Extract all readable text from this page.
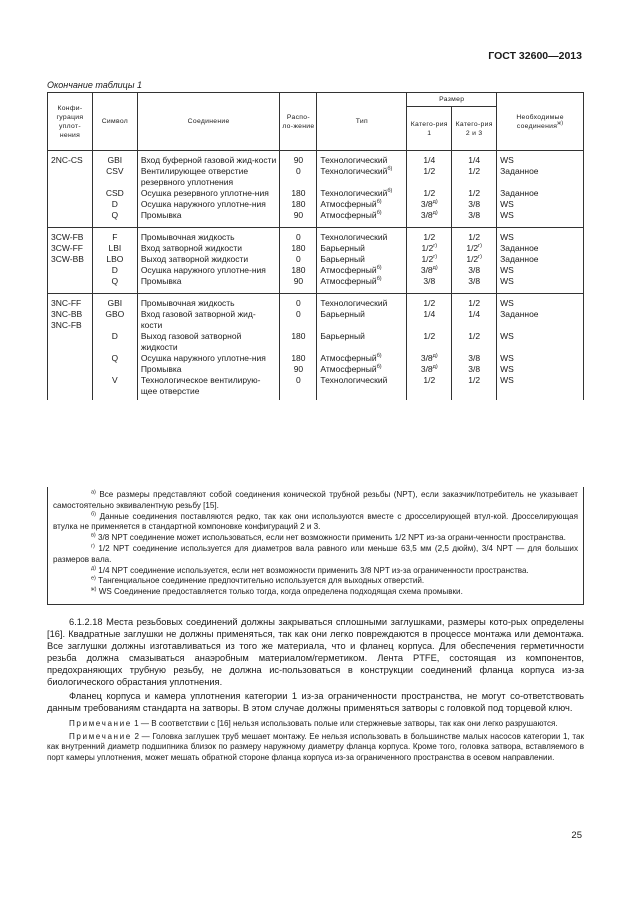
ГОСТ 32600—2013
Окончание таблицы 1
Конфи-гурация уплот-нения	Символ	Соединение	Распо-ло-жение	Тип	Размер		Необходимые соединения$^{ж)}$
					Катего-рия 1	Катего-рия 2 и 3	
2NC-CS	GBI	Вход буферной газовой жид-кости	90	Технологический	1/4	1/4	WS
	CSV	Вентилирующее отверстие резервного уплотнения	0	Технологический$^{б)}$	1/2	1/2	Заданное
	CSD	Осушка резервного уплотне-ния	180	Технологический$^{б)}$	1/2	1/2	Заданное
	D	Осушка наружного уплотне-ния	180	Атмосферный$^{б)}$	$3/8^{д)}$	3/8	WS
	Q	Промывка	90	Атмосферный$^{б)}$	$3/8^{д)}$	3/8	WS
3CW-FB 3CW-FF 3CW-BB	F	Промывочная жидкость	0	Технологический	1/2	1/2	WS
	LBI	Вход затворной жидкости	180	Барьерный	$1/2^{г)}$	$1/2^{г)}$	Заданное
	LBO	Выход затворной жидкости	0	Барьерный	$1/2^{г)}$	$1/2^{г)}$	Заданное
	D	Осушка наружного уплотне-ния	180	Атмосферный$^{б)}$	$3/8^{д)}$	3/8	WS
	Q	Промывка	90	Атмосферный$^{б)}$	3/8	3/8	WS
3NC-FF 3NC-BB 3NC-FB	GBI	Промывочная жидкость	0	Технологический	1/2	1/2	WS
	GBO	Вход газовой затворной жид-кости	0	Барьерный	1/4	1/4	Заданное
	D	Выход газовой затворной жидкости	180	Барьерный	1/2	1/2	WS
	Q	Осушка наружного уплотне-ния	180	Атмосферный$^{б)}$	$3/8^{д)}$	3/8	WS
		Промывка	90	Атмосферный$^{б)}$	$3/8^{д)}$	3/8	WS
	V	Технологическое вентилирую-щее отверстие	0	Технологический	1/2	1/2	WS

$^{а)}$ Все размеры представляют собой соединения конической трубной резьбы (NPT), если заказчик/потребитель не указывает самостоятельно эквивалентную резьбу [15].

$^{б)}$ Данные соединения поставляются редко, так как они используются вместе с дросселирующей втул-кой. Дросселирующая втулка не применяется в стандартной компоновке конфигураций 2 и 3.

$^{в)}$ 3/8 NPT соединение может использоваться, если нет возможности применить 1/2 NPT из-за ограни-ченности пространства.

$^{г)}$ 1/2 NPT соединение используется для диаметров вала равного или меньше 63,5 мм (2,5 дюйм), 3/4 NPT — для больших размеров вала.

$^{д)}$ 1/4 NPT соединение используется, если нет возможности применить 3/8 NPT из-за ограниченности пространства.

$^{е)}$ Тангенциальное соединение предпочтительно используется для выходных отверстий.

$^{ж)}$ WS Соединение предоставляется только тогда, когда определена подходящая схема промывки.

6.1.2.18 Места резьбовых соединений должны закрываться сплошными заглушками, размеры кото-рых определены [16]. Квадратные заглушки не должны применяться, так как они легко повреждаются в процессе монтажа или демонтажа. Все заглушки должны изготавливаться из того же материала, что и фланец корпуса. Для обеспечения герметичности резьба должна смазываться анаэробным материалом/герметиком. Лента PTFE, состоящая из компонентов, предохраняющих трубную резьбу, не должна ис-пользоваться в конструкции соединений фланца корпуса из-за биологического обрастания уплотнения.

Фланец корпуса и камера уплотнения категории 1 из-за ограниченности пространства, не могут со-ответствовать данным требованиям стандарта на затворы. В этом случае должны применяться затворы с головкой под торцевой ключ.

Примечание 1 — В соответствии с [16] нельзя использовать полые или стержневые затворы, так как они легко разрушаются.

Примечание 2 — Головка заглушек труб мешает монтажу. Ее нельзя использовать в большинстве малых насосов категории 1, так как внутренний диаметр подшипника близок по размеру наружному диаметру фланца корпуса. Кроме того, головка затвора, вставляемого в порт камеры уплотнения, может мешать обратной стороне фланца корпуса из-за ограниченного пространства в осевом направлении.

25
